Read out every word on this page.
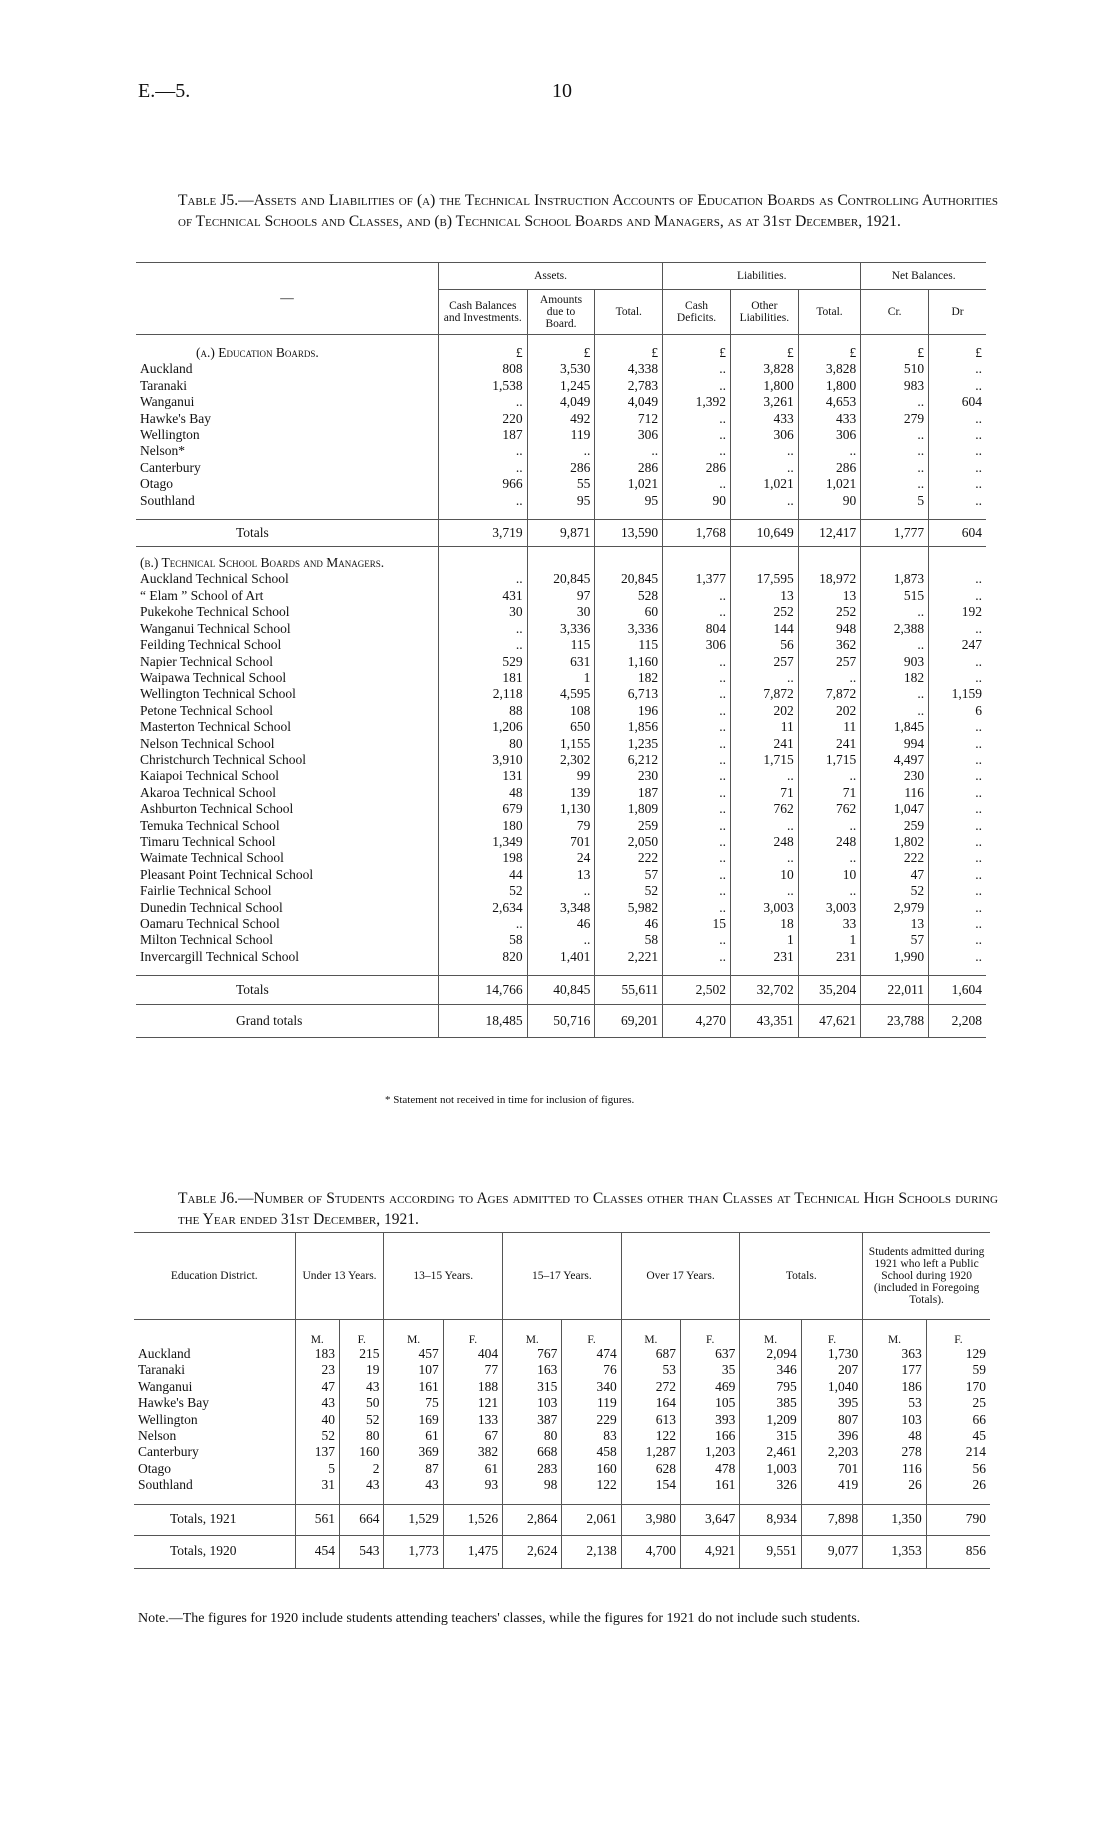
E.—5.	10
Table J5.—Assets and Liabilities of (a) the Technical Instruction Accounts of Education Boards as Controlling Authorities of Technical Schools and Classes, and (b) Technical School Boards and Managers, as at 31st December, 1921.
—	Assets.			Liabilities.			Net Balances.	
	Cash Balances and Investments.	Amounts due to Board.	Total.	Cash Deficits.	Other Liabilities.	Total.	Cr.	Dr

(a.) Education Boards.	£	£	£	£	£	£	£	£
Auckland	808	3,530	4,338	..	3,828	3,828	510	..
Taranaki	1,538	1,245	2,783	..	1,800	1,800	983	..
Wanganui	..	4,049	4,049	1,392	3,261	4,653	..	604
Hawke's Bay	220	492	712	..	433	433	279	..
Wellington	187	119	306	..	306	306	..	..
Nelson*	..	..	..	..	..	..	..	..
Canterbury	..	286	286	286	..	286	..	..
Otago	966	55	1,021	..	1,021	1,021	..	..
Southland	..	95	95	90	..	90	5	..

Totals	3,719	9,871	13,590	1,768	10,649	12,417	1,777	604
(b.) Technical School Boards and Managers.								
Auckland Technical School	..	20,845	20,845	1,377	17,595	18,972	1,873	..
“ Elam ” School of Art	431	97	528	..	13	13	515	..
Pukekohe Technical School	30	30	60	..	252	252	..	192
Wanganui Technical School	..	3,336	3,336	804	144	948	2,388	..
Feilding Technical School	..	115	115	306	56	362	..	247
Napier Technical School	529	631	1,160	..	257	257	903	..
Waipawa Technical School	181	1	182	..	..	..	182	..
Wellington Technical School	2,118	4,595	6,713	..	7,872	7,872	..	1,159
Petone Technical School	88	108	196	..	202	202	..	6
Masterton Technical School	1,206	650	1,856	..	11	11	1,845	..
Nelson Technical School	80	1,155	1,235	..	241	241	994	..
Christchurch Technical School	3,910	2,302	6,212	..	1,715	1,715	4,497	..
Kaiapoi Technical School	131	99	230	..	..	..	230	..
Akaroa Technical School	48	139	187	..	71	71	116	..
Ashburton Technical School	679	1,130	1,809	..	762	762	1,047	..
Temuka Technical School	180	79	259	..	..	..	259	..
Timaru Technical School	1,349	701	2,050	..	248	248	1,802	..
Waimate Technical School	198	24	222	..	..	..	222	..
Pleasant Point Technical School	44	13	57	..	10	10	47	..
Fairlie Technical School	52	..	52	..	..	..	52	..
Dunedin Technical School	2,634	3,348	5,982	..	3,003	3,003	2,979	..
Oamaru Technical School	..	46	46	15	18	33	13	..
Milton Technical School	58	..	58	..	1	1	57	..
Invercargill Technical School	820	1,401	2,221	..	231	231	1,990	..

Totals	14,766	40,845	55,611	2,502	32,702	35,204	22,011	1,604
Grand totals	18,485	50,716	69,201	4,270	43,351	47,621	23,788	2,208
* Statement not received in time for inclusion of figures.
Table J6.—Number of Students according to Ages admitted to Classes other than Classes at Technical High Schools during the Year ended 31st December, 1921.
Education District.	Under 13 Years.		13–15 Years.		15–17 Years.		Over 17 Years.		Totals.		Students admitted during 1921 who left a Public School during 1920 (included in Foregoing Totals).	
	M.	F.	M.	F.	M.	F.	M.	F.	M.	F.	M.	F.
Auckland	183	215	457	404	767	474	687	637	2,094	1,730	363	129
Taranaki	23	19	107	77	163	76	53	35	346	207	177	59
Wanganui	47	43	161	188	315	340	272	469	795	1,040	186	170
Hawke's Bay	43	50	75	121	103	119	164	105	385	395	53	25
Wellington	40	52	169	133	387	229	613	393	1,209	807	103	66
Nelson	52	80	61	67	80	83	122	166	315	396	48	45
Canterbury	137	160	369	382	668	458	1,287	1,203	2,461	2,203	278	214
Otago	5	2	87	61	283	160	628	478	1,003	701	116	56
Southland	31	43	43	93	98	122	154	161	326	419	26	26

Totals, 1921	561	664	1,529	1,526	2,864	2,061	3,980	3,647	8,934	7,898	1,350	790
Totals, 1920	454	543	1,773	1,475	2,624	2,138	4,700	4,921	9,551	9,077	1,353	856
Note.—The figures for 1920 include students attending teachers' classes, while the figures for 1921 do not include such students.
